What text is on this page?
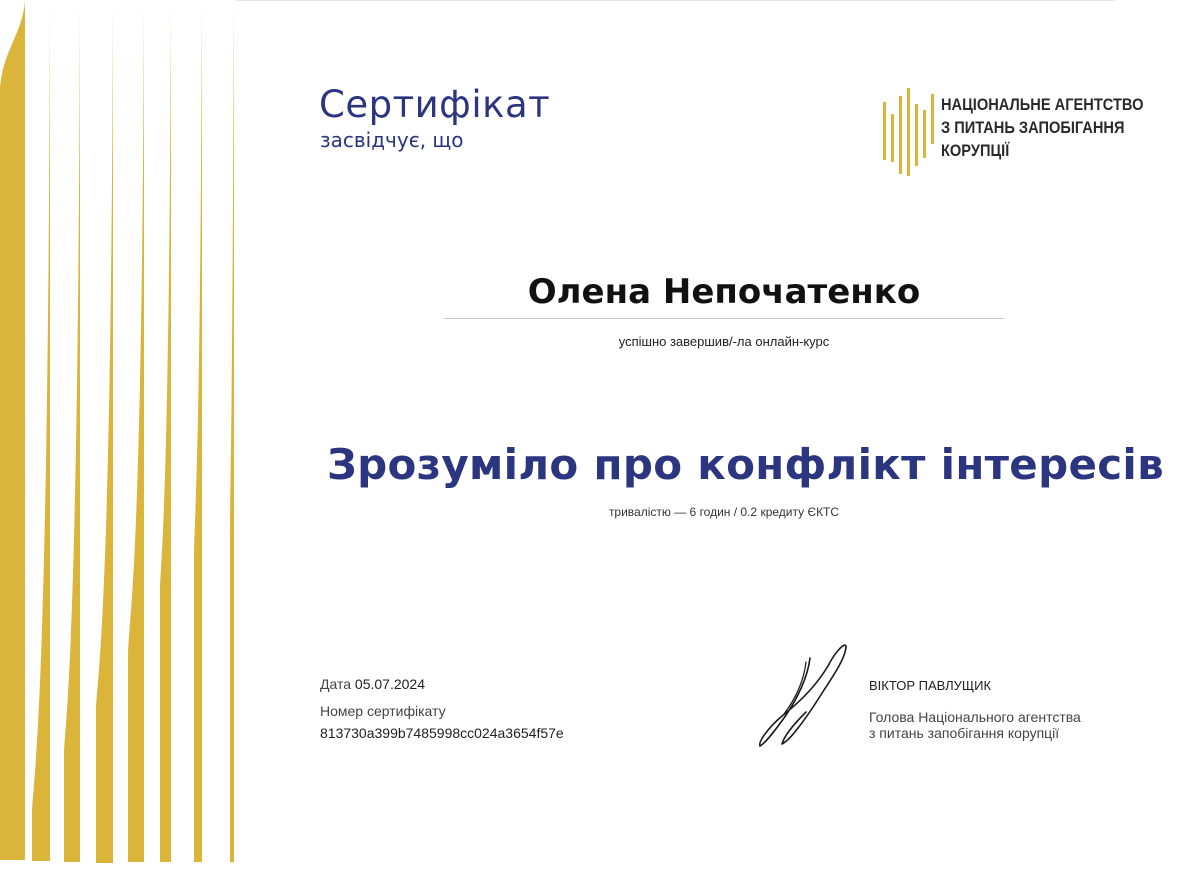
Сертифікат
засвідчує, що
НАЦІОНАЛЬНЕ АГЕНТСТВО
З ПИТАНЬ ЗАПОБІГАННЯ
КОРУПЦІЇ
Олена Непочатенко
успішно завершив/-ла онлайн-курс
Зрозуміло про конфлікт інтересів
тривалістю — 6 годин / 0.2 кредиту ЄКТС
Дата 05.07.2024
Номер сертифікату
813730a399b7485998cc024a3654f57e
ВІКТОР ПАВЛУЩИК
Голова Національного агентства
з питань запобігання корупції
